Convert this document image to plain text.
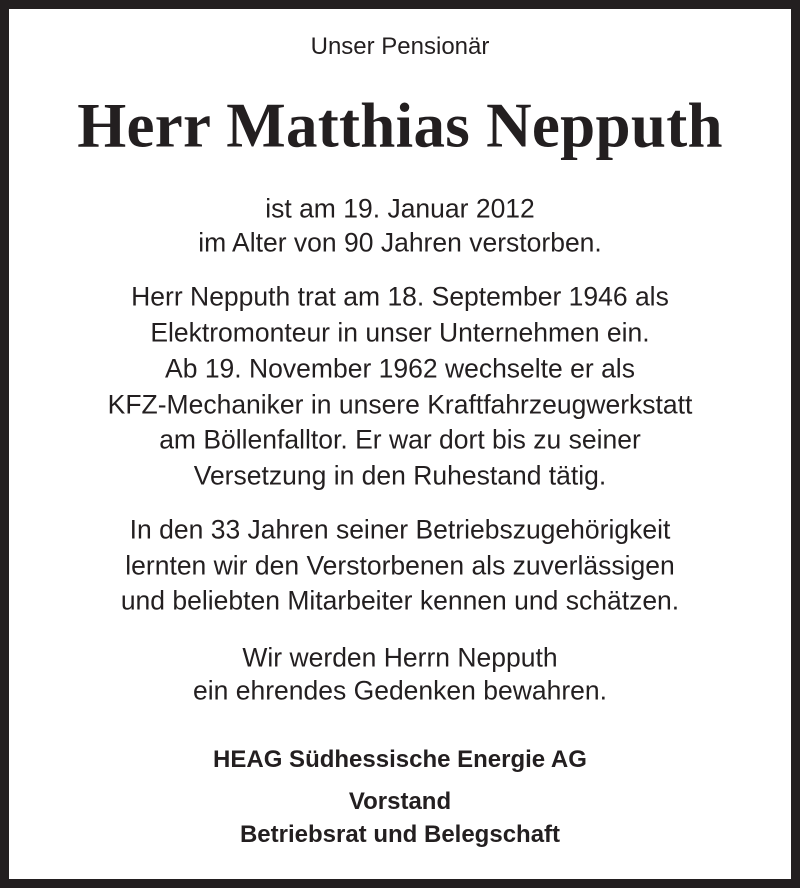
Unser Pensionär
Herr Matthias Nepputh
ist am 19. Januar 2012
im Alter von 90 Jahren verstorben.
Herr Nepputh trat am 18. September 1946 als
Elektromonteur in unser Unternehmen ein.
Ab 19. November 1962 wechselte er als
KFZ-Mechaniker in unsere Kraftfahrzeugwerkstatt
am Böllenfalltor. Er war dort bis zu seiner
Versetzung in den Ruhestand tätig.
In den 33 Jahren seiner Betriebszugehörigkeit
lernten wir den Verstorbenen als zuverlässigen
und beliebten Mitarbeiter kennen und schätzen.
Wir werden Herrn Nepputh
ein ehrendes Gedenken bewahren.
HEAG Südhessische Energie AG
Vorstand
Betriebsrat und Belegschaft
